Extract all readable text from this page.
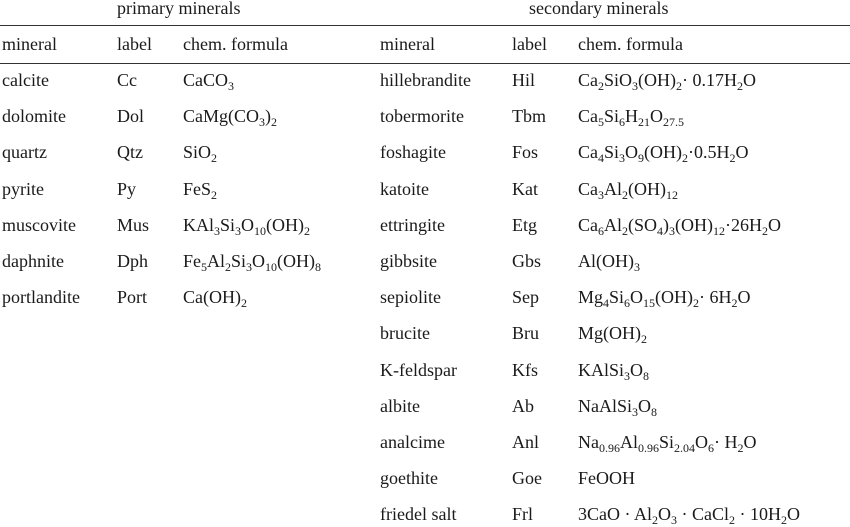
primary minerals	secondary minerals
mineral	label chem. formula	mineral	label chem. formula
calcite	Cc	CaCO$_3$
dolomite	Dol $CaMg(CO_3)_2$
quartz	Qtz SiO$_2$
pyrite	Py	FeS$_2$
muscovite Mus $KAl_3Si_3O_{10}(OH)_2$
daphnite	Dph $Fe_5Al_2Si_3O_{10}(OH)_8$
portlandite Port $Ca(OH)_2$
hillebrandite Hil $Ca_2SiO_3(OH)_2\cdot 0.17H_2O$
tobermorite	Tbm $Ca_5Si_6H_{21}O_{27.5}$
foshagite	Fos $Ca_4Si_3O_9(OH)_2\cdot 0.5H_2O$
katoite	Kat $Ca_3Al_2(OH)_{12}$
ettringite	Etg $Ca_6Al_2(SO_4)_3(OH)_{12}\cdot 26H_2O$
gibbsite	Gbs $Al(OH)_3$
sepiolite	Sep $Mg_4Si_6O_{15}(OH)_2\cdot 6H_2O$
brucite	Bru $Mg(OH)_2$
K-feldspar	Kfs $KAlSi_3O_8$
albite	Ab $NaAlSi_3O_8$
analcime	Anl $Na_{0.96}Al_{0.96}Si_{2.04}O_6\cdot H_2O$
goethite	Goe FeOOH
friedel salt	Frl $3CaO \cdot Al_2O_3$ · CaCl$_2$ · $10H_2O$
